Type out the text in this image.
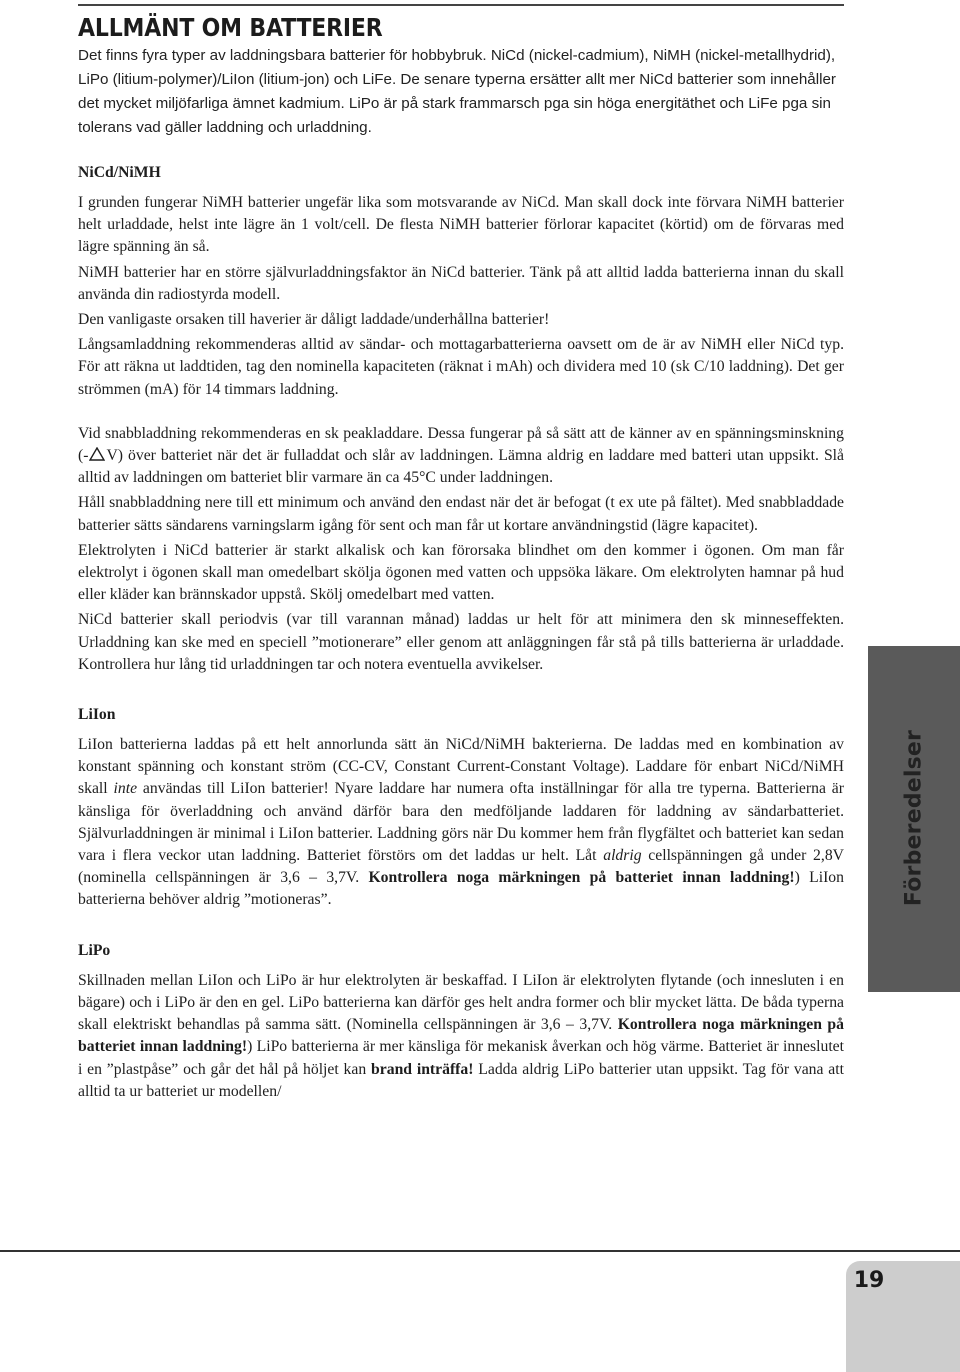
ALLMÄNT OM BATTERIER

Det finns fyra typer av laddningsbara batterier för hobbybruk. NiCd (nickel-cadmium), NiMH (nickel-metallhydrid), LiPo (litium-polymer)/LiIon (litium-jon) och LiFe. De senare typerna ersätter allt mer NiCd batterier som innehåller det mycket miljöfarliga ämnet kadmium. LiPo är på stark frammarsch pga sin höga energitäthet och LiFe pga sin tolerans vad gäller laddning och urladdning.

NiCd/NiMH

I grunden fungerar NiMH batterier ungefär lika som motsvarande av NiCd. Man skall dock inte förvara NiMH batterier helt urladdade, helst inte lägre än 1 volt/cell. De flesta NiMH batterier förlorar kapacitet (körtid) om de förvaras med lägre spänning än så.

NiMH batterier har en större självurladdningsfaktor än NiCd batterier. Tänk på att alltid ladda batterierna innan du skall använda din radiostyrda modell.

Den vanligaste orsaken till haverier är dåligt laddade/underhållna batterier!

Långsamladdning rekommenderas alltid av sändar- och mottagarbatterierna oavsett om de är av NiMH eller NiCd typ. För att räkna ut laddtiden, tag den nominella kapaciteten (räknat i mAh) och dividera med 10 (sk C/10 laddning). Det ger strömmen (mA) för 14 timmars laddning.

Vid snabbladdning rekommenderas en sk peakladdare. Dessa fungerar på så sätt att de känner av en spänningsminskning (- V) över batteriet när det är fulladdat och slår av laddningen. Lämna aldrig en laddare med batteri utan uppsikt. Slå alltid av laddningen om batteriet blir varmare än ca 45°C under laddningen.

Håll snabbladdning nere till ett minimum och använd den endast när det är befogat (t ex ute på fältet). Med snabbladdade batterier sätts sändarens varningslarm igång för sent och man får ut kortare användningstid (lägre kapacitet).

Elektrolyten i NiCd batterier är starkt alkalisk och kan förorsaka blindhet om den kommer i ögonen. Om man får elektrolyt i ögonen skall man omedelbart skölja ögonen med vatten och uppsöka läkare. Om elektrolyten hamnar på hud eller kläder kan brännskador uppstå. Skölj omedelbart med vatten.

NiCd batterier skall periodvis (var till varannan månad) laddas ur helt för att minimera den sk minneseffekten. Urladdning kan ske med en speciell ”motionerare” eller genom att anläggningen får stå på tills batterierna är urladdade. Kontrollera hur lång tid urladdningen tar och notera eventuella avvikelser.

LiIon

LiIon batterierna laddas på ett helt annorlunda sätt än NiCd/NiMH bakterierna. De laddas med en kombination av konstant spänning och konstant ström (CC-CV, Constant Current-Constant Voltage). Laddare för enbart NiCd/NiMH skall inte användas till LiIon batterier! Nyare laddare har numera ofta inställningar för alla tre typerna. Batterierna är känsliga för överladdning och använd därför bara den medföljande laddaren för laddning av sändarbatteriet. Självurladdningen är minimal i LiIon batterier. Laddning görs när Du kommer hem från flygfältet och batteriet kan sedan vara i flera veckor utan laddning. Batteriet förstörs om det laddas ur helt. Låt aldrig cellspänningen gå under 2,8V (nominella cellspänningen är 3,6 – 3,7V. Kontrollera noga märkningen på batteriet innan laddning!) LiIon batterierna behöver aldrig ”motioneras”.

LiPo

Skillnaden mellan LiIon och LiPo är hur elektrolyten är beskaffad. I LiIon är elektrolyten flytande (och innesluten i en bägare) och i LiPo är den en gel. LiPo batterierna kan därför ges helt andra former och blir mycket lätta. De båda typerna skall elektriskt behandlas på samma sätt. (Nominella cellspänningen är 3,6 – 3,7V. Kontrollera noga märkningen på batteriet innan laddning!) LiPo batterierna är mer känsliga för mekanisk åverkan och hög värme. Batteriet är inneslutet i en ”plastpåse” och går det hål på höljet kan brand inträffa! Ladda aldrig LiPo batterier utan uppsikt. Tag för vana att alltid ta ur batteriet ur modellen/

Förberedelser
19
